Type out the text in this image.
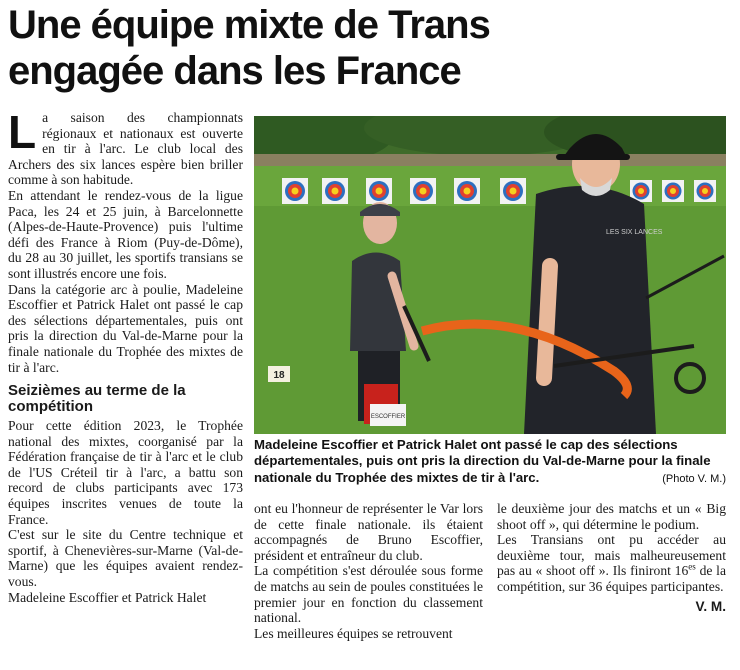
Une équipe mixte de Trans
engagée dans les France

La saison des championnats régionaux et nationaux est ouverte en tir à l'arc. Le club local des Archers des six lances espère bien briller comme à son habitude.

En attendant le rendez-vous de la ligue Paca, les 24 et 25 juin, à Barcelonnette (Alpes-de-Haute-Provence) puis l'ultime défi des France à Riom (Puy-de-Dôme), du 28 au 30 juillet, les sportifs transians se sont illustrés encore une fois.

Dans la catégorie arc à poulie, Madeleine Escoffier et Patrick Halet ont passé le cap des sélections départementales, puis ont pris la direction du Val-de-Marne pour la finale nationale du Trophée des mixtes de tir à l'arc.

Seizièmes au terme de la compétition

Pour cette édition 2023, le Trophée national des mixtes, coorganisé par la Fédération française de tir à l'arc et le club de l'US Créteil tir à l'arc, a battu son record de clubs participants avec 173 équipes inscrites venues de toute la France.

C'est sur le site du Centre technique et sportif, à Chenevières-sur-Marne (Val-de-Marne) que les équipes avaient rendez-vous.

Madeleine Escoffier et Patrick Halet

18
ESCOFFIER
LES SIX LANCES
Madeleine Escoffier et Patrick Halet ont passé le cap des sélections départementales, puis ont pris la direction du Val-de-Marne pour la finale nationale du Trophée des mixtes de tir à l'arc.	(Photo V. M.)

ont eu l'honneur de représenter le Var lors de cette finale nationale. ils étaient accompagnés de Bruno Escoffier, président et entraîneur du club.

La compétition s'est déroulée sous forme de matchs au sein de poules constituées le premier jour en fonction du classement national.

Les meilleures équipes se retrouvent

le deuxième jour des matchs et un « Big shoot off », qui détermine le podium.

Les Transians ont pu accéder au deuxième tour, mais malheureusement pas au « shoot off ». Ils finiront $16^{es}$ de la compétition, sur 36 équipes participantes.

V. M.
